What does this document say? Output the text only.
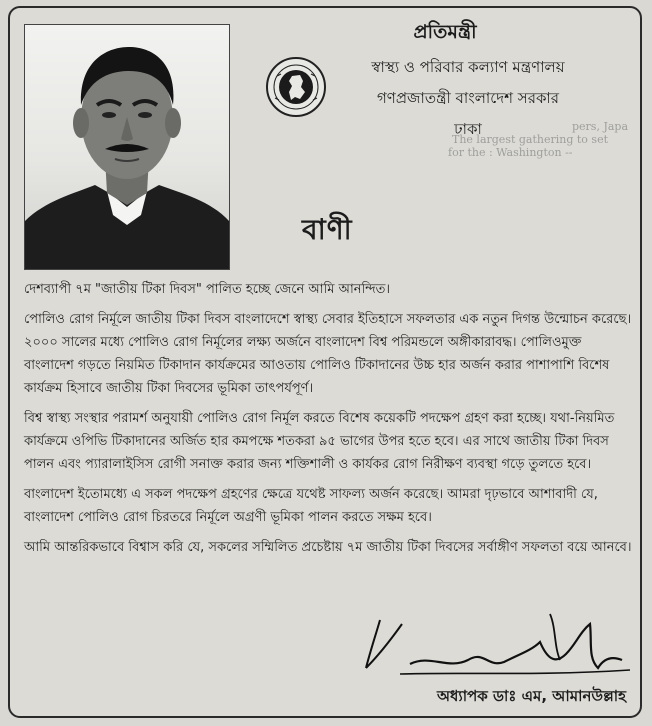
প্রতিমন্ত্রী
স্বাস্থ্য ও পরিবার কল্যাণ মন্ত্রণালয়
গণপ্রজাতন্ত্রী বাংলাদেশ সরকার
ঢাকা	pers, Japa
The largest gathering to set
for the : Washington --
বাণী

দেশব্যাপী ৭ম "জাতীয় টিকা দিবস" পালিত হচ্ছে জেনে আমি আনন্দিত।

পোলিও রোগ নির্মূলে জাতীয় টিকা দিবস বাংলাদেশে স্বাস্থ্য সেবার ইতিহাসে সফলতার এক নতুন দিগন্ত উন্মোচন করেছে। ২০০০ সালের মধ্যে পোলিও রোগ নির্মূলের লক্ষ্য অর্জনে বাংলাদেশ বিশ্ব পরিমন্ডলে অঙ্গীকারাবদ্ধ। পোলিওমুক্ত বাংলাদেশ গড়তে নিয়মিত টিকাদান কার্যক্রমের আওতায় পোলিও টিকাদানের উচ্চ হার অর্জন করার পাশাপাশি বিশেষ কার্যক্রম হিসাবে জাতীয় টিকা দিবসের ভূমিকা তাৎপর্যপূর্ণ।

বিশ্ব স্বাস্থ্য সংস্থার পরামর্শ অনুযায়ী পোলিও রোগ নির্মূল করতে বিশেষ কয়েকটি পদক্ষেপ গ্রহণ করা হচ্ছে। যথা-নিয়মিত কার্যক্রমে ওপিভি টিকাদানের অর্জিত হার কমপক্ষে শতকরা ৯৫ ভাগের উপর হতে হবে। এর সাথে জাতীয় টিকা দিবস পালন এবং প্যারালাইসিস রোগী সনাক্ত করার জন্য শক্তিশালী ও কার্যকর রোগ নিরীক্ষণ ব্যবস্থা গড়ে তুলতে হবে।

বাংলাদেশ ইতোমধ্যে এ সকল পদক্ষেপ গ্রহণের ক্ষেত্রে যথেষ্ট সাফল্য অর্জন করেছে। আমরা দৃঢ়ভাবে আশাবাদী যে, বাংলাদেশ পোলিও রোগ চিরতরে নির্মূলে অগ্রণী ভূমিকা পালন করতে সক্ষম হবে।

আমি আন্তরিকভাবে বিশ্বাস করি যে, সকলের সম্মিলিত প্রচেষ্টায় ৭ম জাতীয় টিকা দিবসের সর্বাঙ্গীণ সফলতা বয়ে আনবে।

অধ্যাপক ডাঃ এম, আমানউল্লাহ
